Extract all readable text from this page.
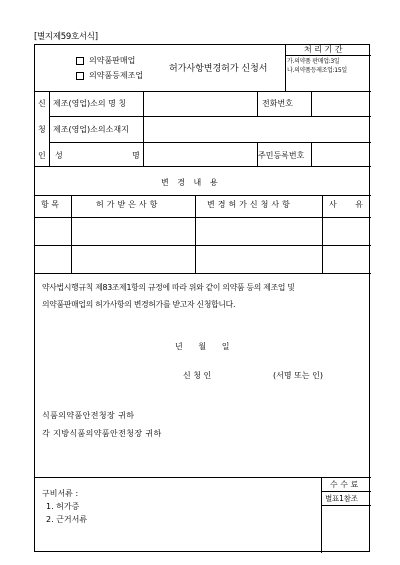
[별지제59호서식]
의약품판매업
의약품등제조업
허가사항변경허가 신청서
처 리 기 간
가.의약품 판매업:3일
나.의약품등제조업:15일
신
청
인
제조(영업)소의 명 칭	전화번호
제조(영업)소의소재지
성	명	주민등록번호
변 경 내 용
항 목	허가받은사항	변경허가신청사항	사 유
약사법시행규칙 제83조제1항의 규정에 따라 위와 같이 의약품 등의 제조업 및
의약품판매업의 허가사항의 변경허가를 받고자 신청합니다.
년   월   일
신 청 인	(서명 또는 인)
식품의약품안전청장 귀하
각 지방식품의약품안전청장 귀하
구비서류 :
1. 허가증
2. 근거서류
수 수 료
별표1참조
